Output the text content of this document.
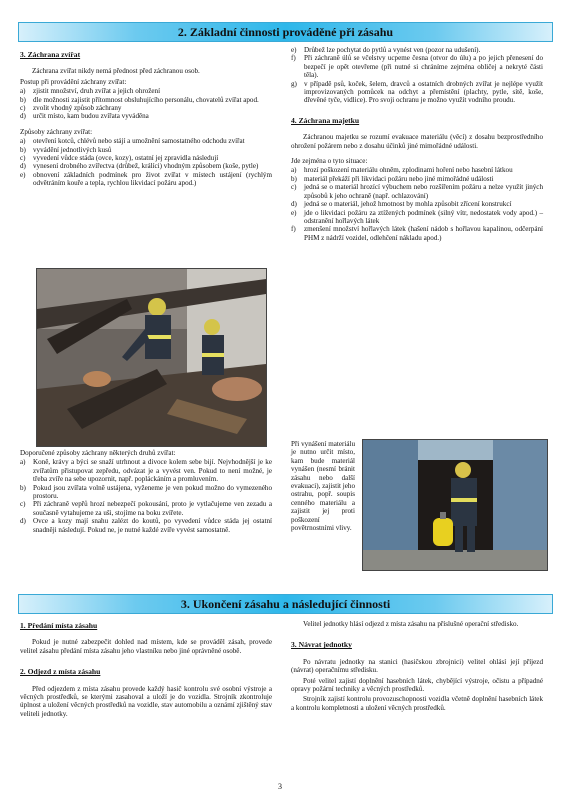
2. Základní činnosti prováděné při zásahu
3. Záchrana zvířat
Záchrana zvířat nikdy nemá přednost před záchranou osob.
Postup při provádění záchrany zvířat:
a) zjistit množství, druh zvířat a jejich ohrožení
b) dle možnosti zajistit přítomnost obsluhujícího personálu, chovatelů zvířat apod.
c) zvolit vhodný způsob záchrany
d) určit místo, kam budou zvířata vyváděna
Způsoby záchrany zvířat:
a) otevření kotců, chlévů nebo stájí a umožnění samostatného odchodu zvířat
b) vyvádění jednotlivých kusů
c) vyvedení vůdce stáda (ovce, kozy), ostatní jej zpravidla následují
d) vynesení drobného zvířectva (drůbež, králíci) vhodným způsobem (koše, pytle)
e) obnovení základních podmínek pro život zvířat v místech ustájení (rychlým odvětráním kouře a tepla, rychlou likvidací požáru apod.)
Doporučené způsoby záchrany některých druhů zvířat:
a) Koně, krávy a býci se snaží utrhnout a divoce kolem sebe bijí. Nejvhodnější je ke zvířatům přistupovat zepředu, odvázat je a vyvést ven. Pokud to není možné, je třeba zvíře na sebe upozornit, např. popláckáním a promluvením.
b) Pokud jsou zvířata volně ustájena, vyženeme je ven pokud možno do vymezeného prostoru.
c) Při záchraně vepřů hrozí nebezpečí pokousání, proto je vytlačujeme ven zezadu a současně vytahujeme za uši, stojíme na boku zvířete.
d) Ovce a kozy mají snahu zalézt do koutů, po vyvedení vůdce stáda jej ostatní snadněji následují. Pokud ne, je nutné každé zvíře vyvést samostatně.
e) Drůbež lze pochytat do pytlů a vynést ven (pozor na udušení).
f) Při záchraně úlů se včelstvy ucpeme česna (otvor do úlu) a po jejich přenesení do bezpečí je opět otevřeme (při nutné si chráníme zejména obličej a nekryté části těla).
g) v případě psů, koček, šelem, dravců a ostatních drobných zvířat je nejlépe využít improvizovaných pomůcek na odchyt a přemístění (plachty, pytle, sítě, koše, dřevěné tyče, vidlice). Pro svoji ochranu je možno využít vodního proudu.
4. Záchrana majetku
Záchranou majetku se rozumí evakuace materiálu (věcí) z dosahu bezprostředního ohrožení požárem nebo z dosahu účinků jiné mimořádné události.
Jde zejména o tyto situace:
a) hrozí poškození materiálu ohněm, zplodinami hoření nebo hasební látkou
b) materiál překáží při likvidaci požáru nebo jiné mimořádné události
c) jedná se o materiál hrozící výbuchem nebo rozšířením požáru a nelze využít jiných způsobů k jeho ochraně (např. ochlazování)
d) jedná se o materiál, jehož hmotnost by mohla způsobit zřícení konstrukcí
e) jde o likvidaci požáru za ztížených podmínek (silný vítr, nedostatek vody apod.) – odstranění hořlavých látek
f) zmenšení množství hořlavých látek (hašení nádob s hořlavou kapalinou, odčerpání PHM z nádrží vozidel, odlehčení nákladu apod.)
Při vynášení materiálu je nutno určit místo, kam bude materiál vynášen (nesmí bránit zásahu nebo další evakuaci), zajistit jeho ostrahu, popř. soupis cenného materiálu a zajistit jej proti poškození povětrnostními vlivy.
3. Ukončení zásahu a následující činnosti
1. Předání místa zásahu
Pokud je nutné zabezpečit dohled nad místem, kde se prováděl zásah, provede velitel zásahu předání místa zásahu jeho vlastníku nebo jiné oprávněné osobě.
2. Odjezd z místa zásahu
Před odjezdem z místa zásahu provede každý hasič kontrolu své osobní výstroje a věcných prostředků, se kterými zasahoval a uloží je do vozidla. Strojník zkontroluje úplnost a uložení věcných prostředků na vozidle, stav automobilu a oznámí zjištěný stav veliteli jednotky.
Velitel jednotky hlásí odjezd z místa zásahu na příslušné operační středisko.
3. Návrat jednotky
Po návratu jednotky na stanici (hasičskou zbrojnici) velitel ohlásí její příjezd (návrat) operačnímu středisku.
Poté velitel zajistí doplnění hasebních látek, chybějící výstroje, očistu a případné opravy požární techniky a věcných prostředků.
Strojník zajistí kontrolu provozuschopnosti vozidla včetně doplnění hasebních látek a kontrolu kompletnosti a uložení věcných prostředků.
3
